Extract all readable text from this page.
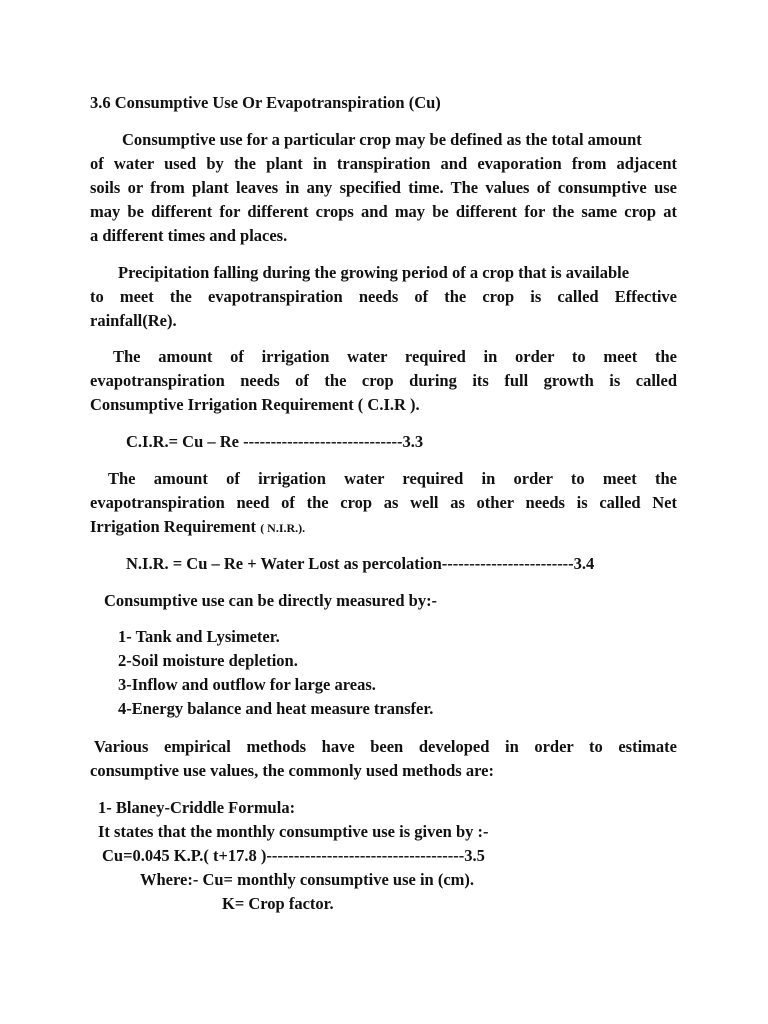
3.6 Consumptive Use Or Evapotranspiration (Cu)
Consumptive use for a particular crop may be defined as the total amount
of water used by the plant in transpiration and evaporation from adjacent
soils or from plant leaves in any specified time. The values of consumptive use
may be different for different crops and may be different for the same crop at
a different times and places.
Precipitation falling during the growing period of a crop that is available
to meet the evapotranspiration needs of the crop is called Effective
rainfall(Re).
The amount of irrigation water required in order to meet the
evapotranspiration needs of the crop during its full growth is called
Consumptive Irrigation Requirement ( C.I.R ).
C.I.R.= Cu – Re -----------------------------3.3
The amount of irrigation water required in order to meet the
evapotranspiration need of the crop as well as other needs is called Net
Irrigation Requirement ( N.I.R.).
N.I.R. = Cu – Re + Water Lost as percolation------------------------3.4
Consumptive use can be directly measured by:-
1- Tank and Lysimeter.
2-Soil moisture depletion.
3-Inflow and outflow for large areas.
4-Energy balance and heat measure transfer.
Various empirical methods have been developed in order to estimate
consumptive use values, the commonly used methods are:
1- Blaney-Criddle Formula:
It states that the monthly consumptive use is given by :-
Cu=0.045 K.P.( t+17.8 )------------------------------------3.5
Where:- Cu= monthly consumptive use in (cm).
K= Crop factor.
